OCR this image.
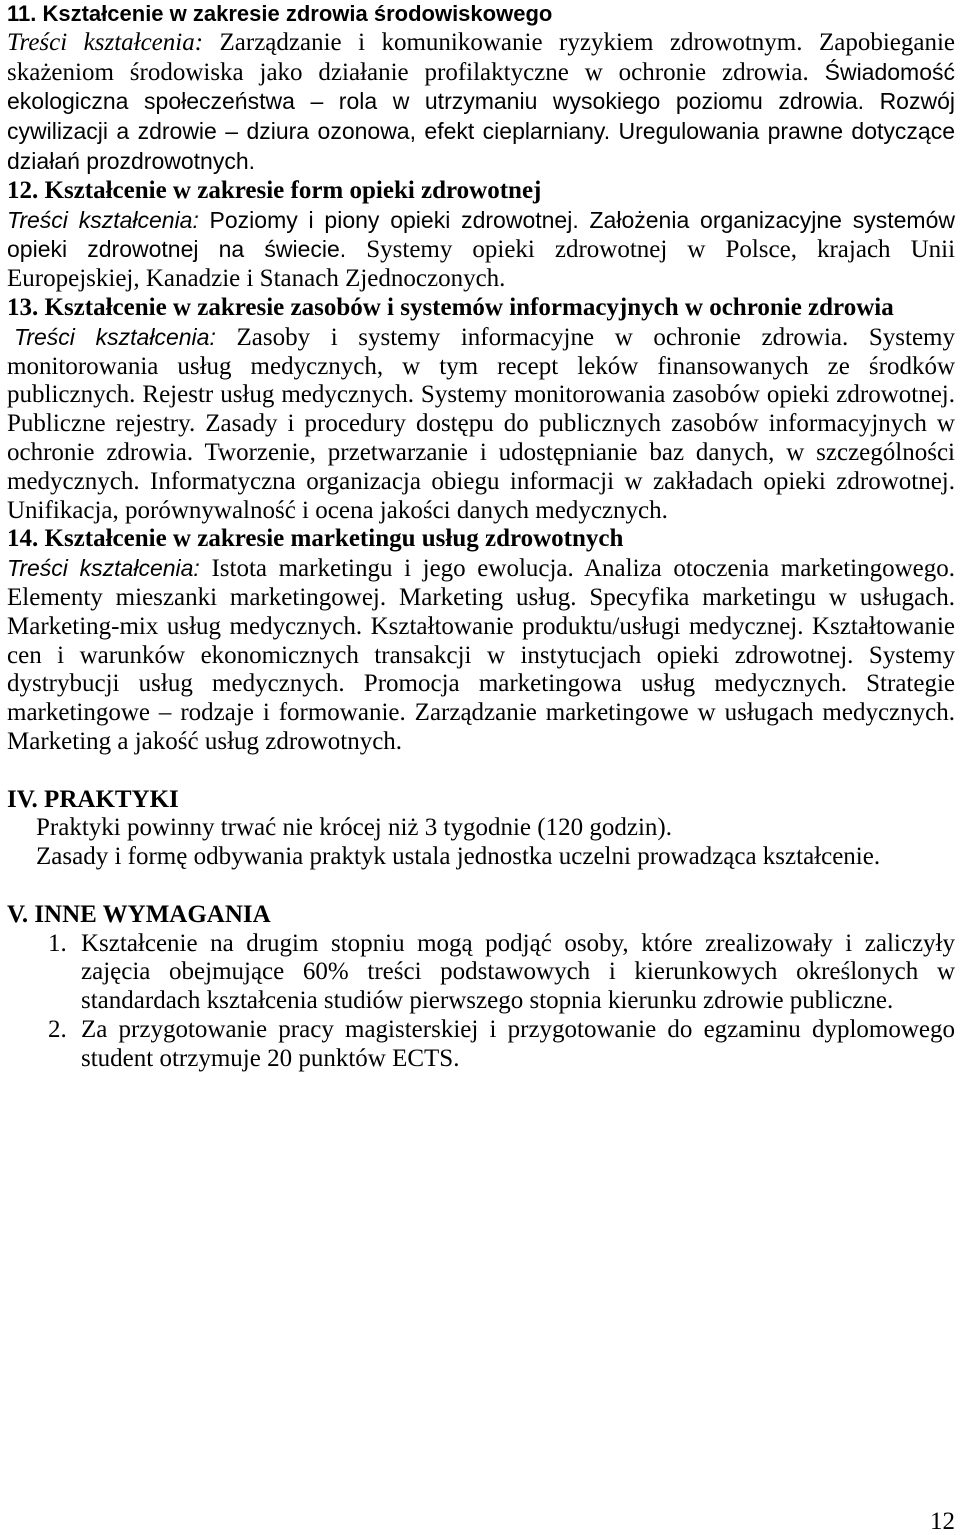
11. Kształcenie w zakresie zdrowia środowiskowego

Treści kształcenia: Zarządzanie i komunikowanie ryzykiem zdrowotnym. Zapobieganie skażeniom środowiska jako działanie profilaktyczne w ochronie zdrowia. Świadomość ekologiczna społeczeństwa – rola w utrzymaniu wysokiego poziomu zdrowia. Rozwój cywilizacji a zdrowie – dziura ozonowa, efekt cieplarniany. Uregulowania prawne dotyczące działań prozdrowotnych.

12. Kształcenie w zakresie form opieki zdrowotnej

Treści kształcenia: Poziomy i piony opieki zdrowotnej. Założenia organizacyjne systemów opieki zdrowotnej na świecie. Systemy opieki zdrowotnej w Polsce, krajach Unii Europejskiej, Kanadzie i Stanach Zjednoczonych.

13. Kształcenie w zakresie zasobów i systemów informacyjnych w ochronie zdrowia

Treści kształcenia: Zasoby i systemy informacyjne w ochronie zdrowia. Systemy monitorowania usług medycznych, w tym recept leków finansowanych ze środków publicznych. Rejestr usług medycznych. Systemy monitorowania zasobów opieki zdrowotnej. Publiczne rejestry. Zasady i procedury dostępu do publicznych zasobów informacyjnych w ochronie zdrowia. Tworzenie, przetwarzanie i udostępnianie baz danych, w szczególności medycznych. Informatyczna organizacja obiegu informacji w zakładach opieki zdrowotnej. Unifikacja, porównywalność i ocena jakości danych medycznych.

14. Kształcenie w zakresie marketingu usług zdrowotnych

Treści kształcenia: Istota marketingu i jego ewolucja. Analiza otoczenia marketingowego. Elementy mieszanki marketingowej. Marketing usług. Specyfika marketingu w usługach. Marketing-mix usług medycznych. Kształtowanie produktu/usługi medycznej. Kształtowanie cen i warunków ekonomicznych transakcji w instytucjach opieki zdrowotnej. Systemy dystrybucji usług medycznych. Promocja marketingowa usług medycznych. Strategie marketingowe – rodzaje i formowanie. Zarządzanie marketingowe w usługach medycznych. Marketing a jakość usług zdrowotnych.

IV. PRAKTYKI

Praktyki powinny trwać nie krócej niż 3 tygodnie (120 godzin).

Zasady i formę odbywania praktyk ustala jednostka uczelni prowadząca kształcenie.

V. INNE WYMAGANIA
1. Kształcenie na drugim stopniu mogą podjąć osoby, które zrealizowały i zaliczyły zajęcia obejmujące 60% treści podstawowych i kierunkowych określonych w standardach kształcenia studiów pierwszego stopnia kierunku zdrowie publiczne.
2. Za przygotowanie pracy magisterskiej i przygotowanie do egzaminu dyplomowego student otrzymuje 20 punktów ECTS.
12
